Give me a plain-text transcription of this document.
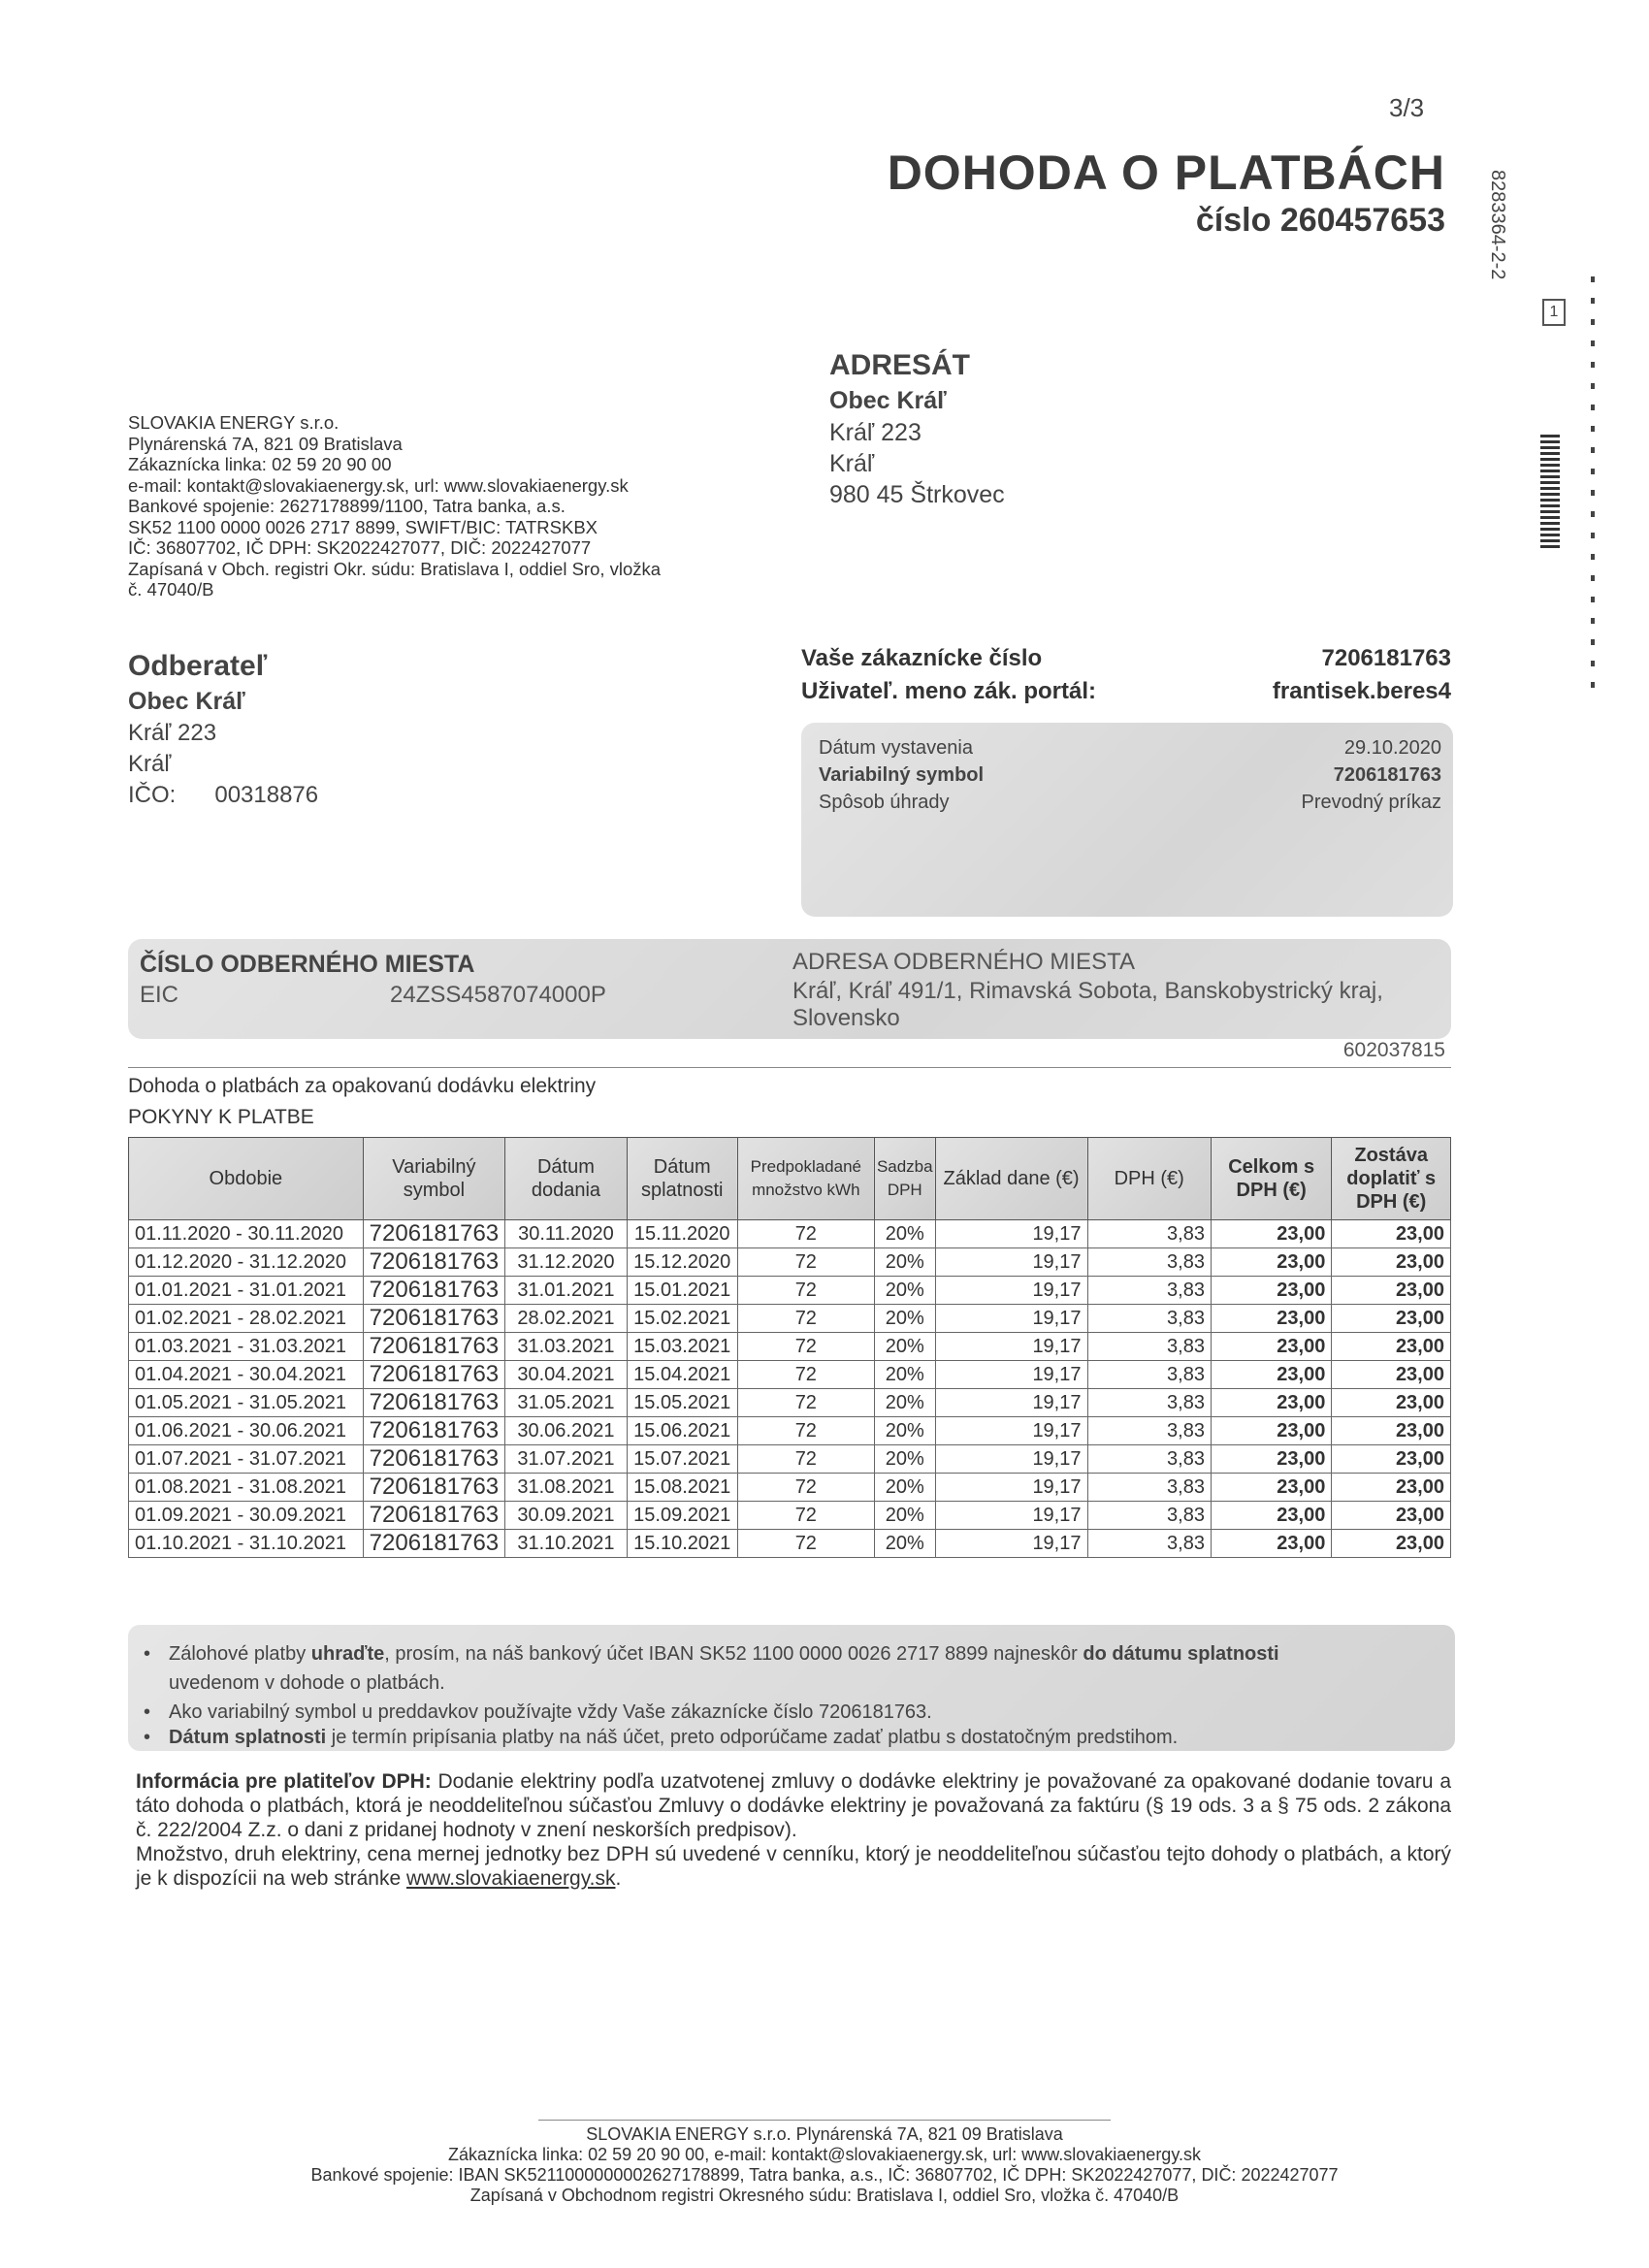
3/3
DOHODA O PLATBÁCH
číslo 260457653 8283364-2-2
1
SLOVAKIA ENERGY s.r.o.
Plynárenská 7A, 821 09 Bratislava
Zákaznícka linka: 02 59 20 90 00
e-mail: kontakt@slovakiaenergy.sk, url: www.slovakiaenergy.sk
Bankové spojenie: 2627178899/1100, Tatra banka, a.s.
SK52 1100 0000 0026 2717 8899, SWIFT/BIC: TATRSKBX
IČ: 36807702, IČ DPH: SK2022427077, DIČ: 2022427077
Zapísaná v Obch. registri Okr. súdu: Bratislava I, oddiel Sro, vložka
č. 47040/B
ADRESÁT
Obec Kráľ
Kráľ 223
Kráľ
980 45 Štrkovec
Odberateľ
Obec Kráľ
Kráľ 223
Kráľ
IČO: 00318876
Vaše zákaznícke číslo	7206181763
Uživateľ. meno zák. portál:	frantisek.beres4
Dátum vystavenia	29.10.2020
Variabilný symbol	7206181763
Spôsob úhrady	Prevodný príkaz
ČÍSLO ODBERNÉHO MIESTA
EIC	24ZSS4587074000P
ADRESA ODBERNÉHO MIESTA
Kráľ, Kráľ 491/1, Rimavská Sobota, Banskobystrický kraj, Slovensko
602037815
Dohoda o platbách za opakovanú dodávku elektriny
POKYNY K PLATBE
Obdobie	Variabilný symbol	Dátum dodania	Dátum splatnosti	Predpokladané množstvo kWh	Sadzba DPH	Základ dane (€)	DPH (€)	Celkom s DPH (€)	Zostáva doplatiť s DPH (€)
01.11.2020 - 30.11.2020	7206181763	30.11.2020	15.11.2020	72	20%	19,17	3,83	23,00	23,00
01.12.2020 - 31.12.2020	7206181763	31.12.2020	15.12.2020	72	20%	19,17	3,83	23,00	23,00
01.01.2021 - 31.01.2021	7206181763	31.01.2021	15.01.2021	72	20%	19,17	3,83	23,00	23,00
01.02.2021 - 28.02.2021	7206181763	28.02.2021	15.02.2021	72	20%	19,17	3,83	23,00	23,00
01.03.2021 - 31.03.2021	7206181763	31.03.2021	15.03.2021	72	20%	19,17	3,83	23,00	23,00
01.04.2021 - 30.04.2021	7206181763	30.04.2021	15.04.2021	72	20%	19,17	3,83	23,00	23,00
01.05.2021 - 31.05.2021	7206181763	31.05.2021	15.05.2021	72	20%	19,17	3,83	23,00	23,00
01.06.2021 - 30.06.2021	7206181763	30.06.2021	15.06.2021	72	20%	19,17	3,83	23,00	23,00
01.07.2021 - 31.07.2021	7206181763	31.07.2021	15.07.2021	72	20%	19,17	3,83	23,00	23,00
01.08.2021 - 31.08.2021	7206181763	31.08.2021	15.08.2021	72	20%	19,17	3,83	23,00	23,00
01.09.2021 - 30.09.2021	7206181763	30.09.2021	15.09.2021	72	20%	19,17	3,83	23,00	23,00
01.10.2021 - 31.10.2021	7206181763	31.10.2021	15.10.2021	72	20%	19,17	3,83	23,00	23,00
• Zálohové platby uhraďte, prosím, na náš bankový účet IBAN SK52 1100 0000 0026 2717 8899 najneskôr do dátumu splatnosti
uvedenom v dohode o platbách.
• Ako variabilný symbol u preddavkov používajte vždy Vaše zákaznícke číslo 7206181763.
• Dátum splatnosti je termín pripísania platby na náš účet, preto odporúčame zadať platbu s dostatočným predstihom.
Informácia pre platiteľov DPH: Dodanie elektriny podľa uzatvotenej zmluvy o dodávke elektriny je považované za opakované dodanie tovaru a táto dohoda o platbách, ktorá je neoddeliteľnou súčasťou Zmluvy o dodávke elektriny je považovaná za faktúru (§ 19 ods. 3 a § 75 ods. 2 zákona č. 222/2004 Z.z. o dani z pridanej hodnoty v znení neskorších predpisov).
Množstvo, druh elektriny, cena mernej jednotky bez DPH sú uvedené v cenníku, ktorý je neoddeliteľnou súčasťou tejto dohody o platbách, a ktorý je k dispozícii na web stránke www.slovakiaenergy.sk.
SLOVAKIA ENERGY s.r.o. Plynárenská 7A, 821 09 Bratislava
Zákaznícka linka: 02 59 20 90 00, e-mail: kontakt@slovakiaenergy.sk, url: www.slovakiaenergy.sk
Bankové spojenie: IBAN SK5211000000002627178899, Tatra banka, a.s., IČ: 36807702, IČ DPH: SK2022427077, DIČ: 2022427077
Zapísaná v Obchodnom registri Okresného súdu: Bratislava I, oddiel Sro, vložka č. 47040/B
